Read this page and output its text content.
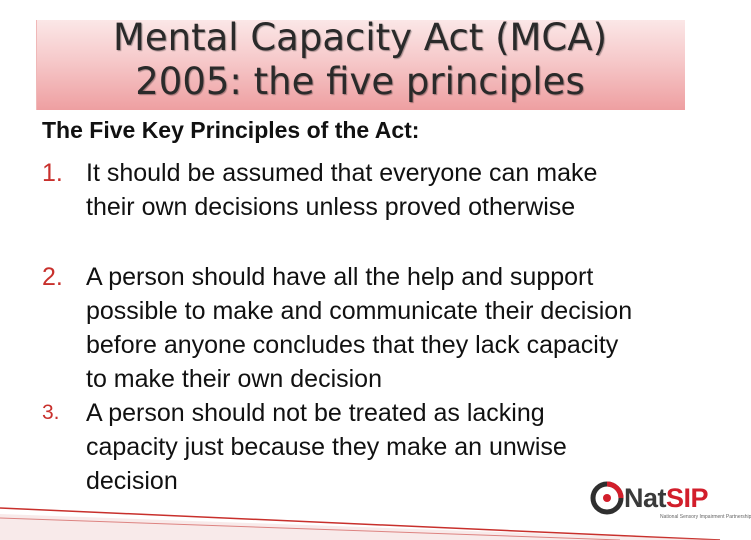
Mental Capacity Act (MCA)
2005: the five principles

The Five Key Principles of the Act:

1. It should be assumed that everyone can make
their own decisions unless proved otherwise
2. A person should have all the help and support
possible to make and communicate their decision
before anyone concludes that they lack capacity
to make their own decision
3.	A person should not be treated as lacking
capacity just because they make an unwise
decision
NatSIP
National Sensory Impairment Partnership
